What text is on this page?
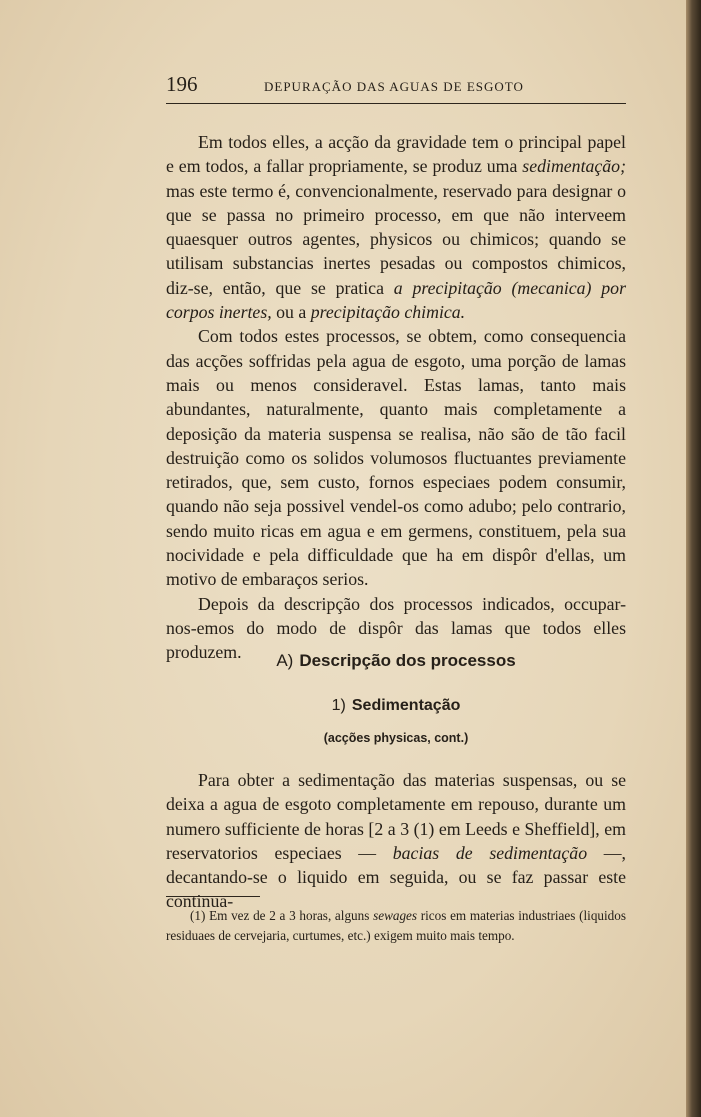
196	DEPURAÇÃO DAS AGUAS DE ESGOTO

Em todos elles, a acção da gravidade tem o principal papel e em todos, a fallar propriamente, se produz uma sedimentação; mas este termo é, convencionalmente, reservado para designar o que se passa no primeiro processo, em que não interveem quaesquer outros agentes, physicos ou chimicos; quando se utilisam substancias inertes pesadas ou compostos chimicos, diz-se, então, que se pratica a precipitação (mecanica) por corpos inertes, ou a precipitação chimica.

Com todos estes processos, se obtem, como consequencia das acções soffridas pela agua de esgoto, uma porção de lamas mais ou menos consideravel. Estas lamas, tanto mais abundantes, naturalmente, quanto mais completamente a deposição da materia suspensa se realisa, não são de tão facil destruição como os solidos volumosos fluctuantes previamente retirados, que, sem custo, fornos especiaes podem consumir, quando não seja possivel vendel-os como adubo; pelo contrario, sendo muito ricas em agua e em germens, constituem, pela sua nocividade e pela difficuldade que ha em dispôr d'ellas, um motivo de embaraços serios.

Depois da descripção dos processos indicados, occupar-nos-emos do modo de dispôr das lamas que todos elles produzem.	A) Descripção dos processos
1) Sedimentação
(acções physicas, cont.)

Para obter a sedimentação das materias suspensas, ou se deixa a agua de esgoto completamente em repouso, durante um numero sufficiente de horas [2 a 3 (1) em Leeds e Sheffield], em reservatorios especiaes — bacias de sedimentação —, decantando-se o liquido em seguida, ou se faz passar este continua-

(1) Em vez de 2 a 3 horas, alguns sewages ricos em materias industriaes (liquidos residuaes de cervejaria, curtumes, etc.) exigem muito mais tempo.
